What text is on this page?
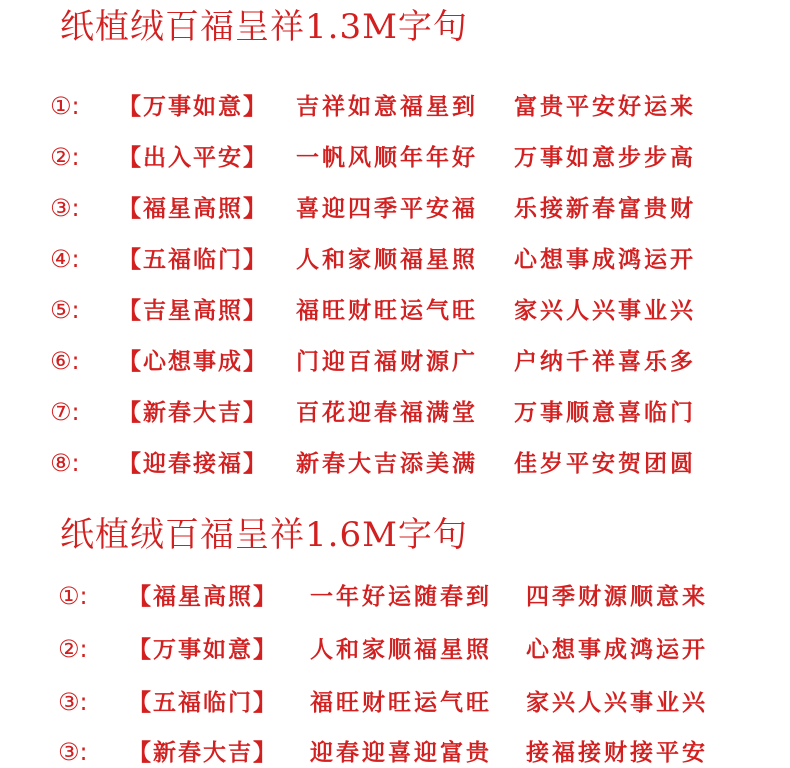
纸植绒百福呈祥1.3M字句
①:	【万事如意】	吉祥如意福星到	富贵平安好运来
②:	【出入平安】	一帆风顺年年好	万事如意步步高
③:	【福星高照】	喜迎四季平安福	乐接新春富贵财
④:	【五福临门】	人和家顺福星照	心想事成鸿运开
⑤:	【吉星高照】	福旺财旺运气旺	家兴人兴事业兴
⑥:	【心想事成】	门迎百福财源广	户纳千祥喜乐多
⑦:	【新春大吉】	百花迎春福满堂	万事顺意喜临门
⑧:	【迎春接福】	新春大吉添美满	佳岁平安贺团圆
纸植绒百福呈祥1.6M字句
①:	【福星高照】	一年好运随春到	四季财源顺意来
②:	【万事如意】	人和家顺福星照	心想事成鸿运开
③:	【五福临门】	福旺财旺运气旺	家兴人兴事业兴
③:	【新春大吉】	迎春迎喜迎富贵	接福接财接平安
